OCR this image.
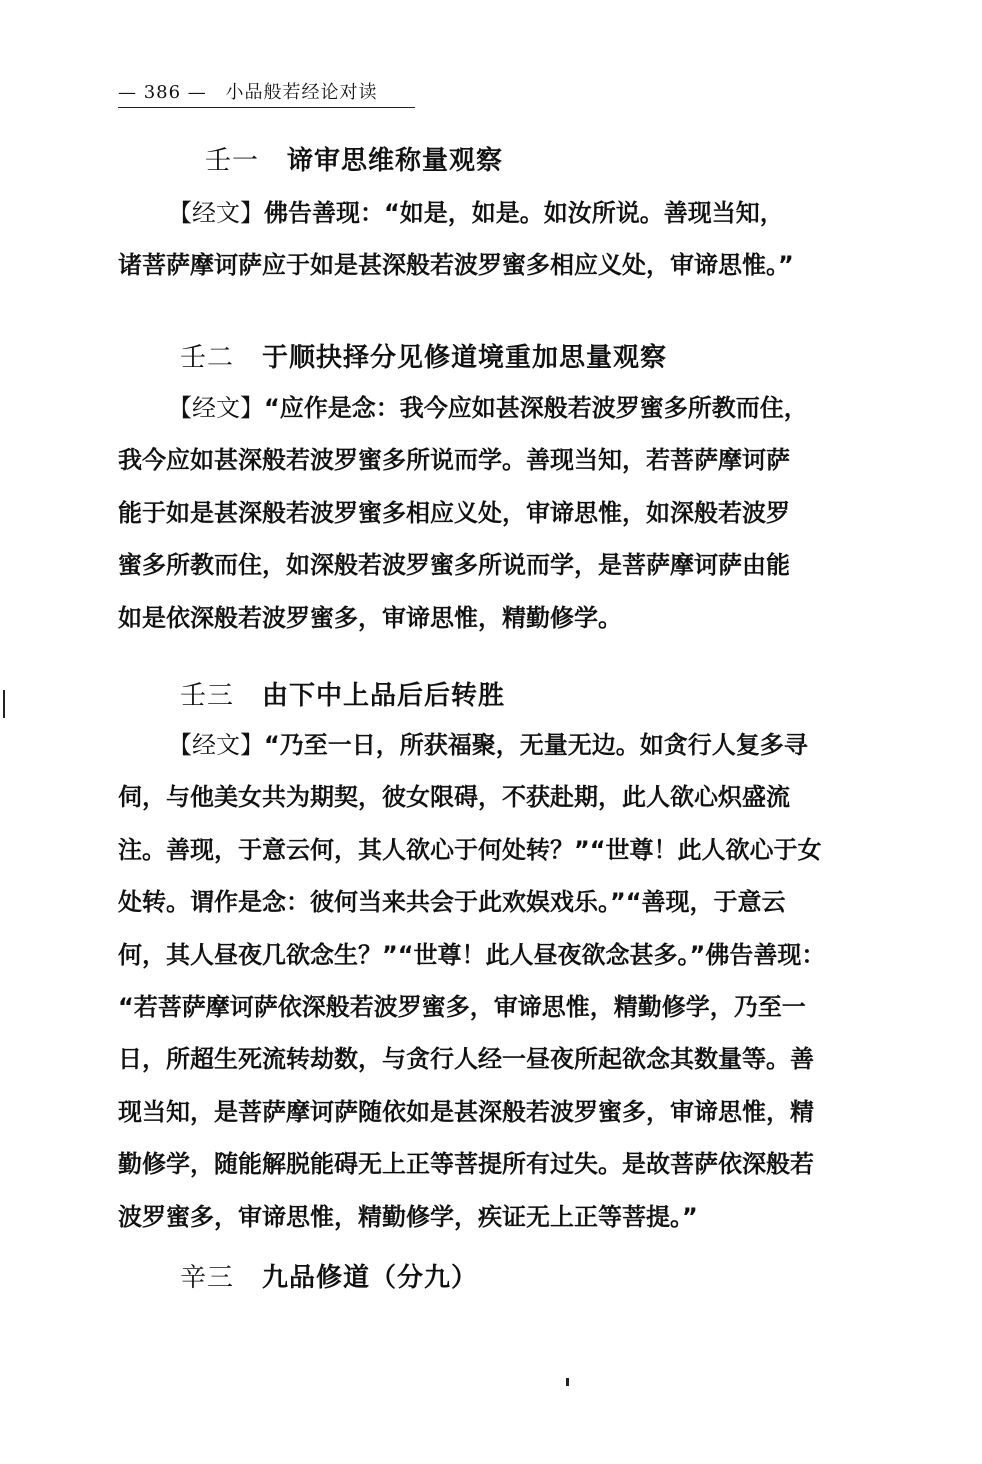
— 386 — 小品般若经论对读
壬一 谛审思维称量观察
【经文】佛告善现：“如是，如是。如汝所说。善现当知，
诸菩萨摩诃萨应于如是甚深般若波罗蜜多相应义处，审谛思惟。”
壬二 于顺抉择分见修道境重加思量观察
【经文】“应作是念：我今应如甚深般若波罗蜜多所教而住，
我今应如甚深般若波罗蜜多所说而学。善现当知，若菩萨摩诃萨
能于如是甚深般若波罗蜜多相应义处，审谛思惟，如深般若波罗
蜜多所教而住，如深般若波罗蜜多所说而学，是菩萨摩诃萨由能
如是依深般若波罗蜜多，审谛思惟，精勤修学。
壬三 由下中上品后后转胜
【经文】“乃至一日，所获福聚，无量无边。如贪行人复多寻
伺，与他美女共为期契，彼女限碍，不获赴期，此人欲心炽盛流
注。善现，于意云何，其人欲心于何处转？”“世尊！此人欲心于女
处转。谓作是念：彼何当来共会于此欢娱戏乐。”“善现，于意云
何，其人昼夜几欲念生？”“世尊！此人昼夜欲念甚多。”佛告善现：
“若菩萨摩诃萨依深般若波罗蜜多，审谛思惟，精勤修学，乃至一
日，所超生死流转劫数，与贪行人经一昼夜所起欲念其数量等。善
现当知，是菩萨摩诃萨随依如是甚深般若波罗蜜多，审谛思惟，精
勤修学，随能解脱能碍无上正等菩提所有过失。是故菩萨依深般若
波罗蜜多，审谛思惟，精勤修学，疾证无上正等菩提。”
辛三 九品修道（分九）
